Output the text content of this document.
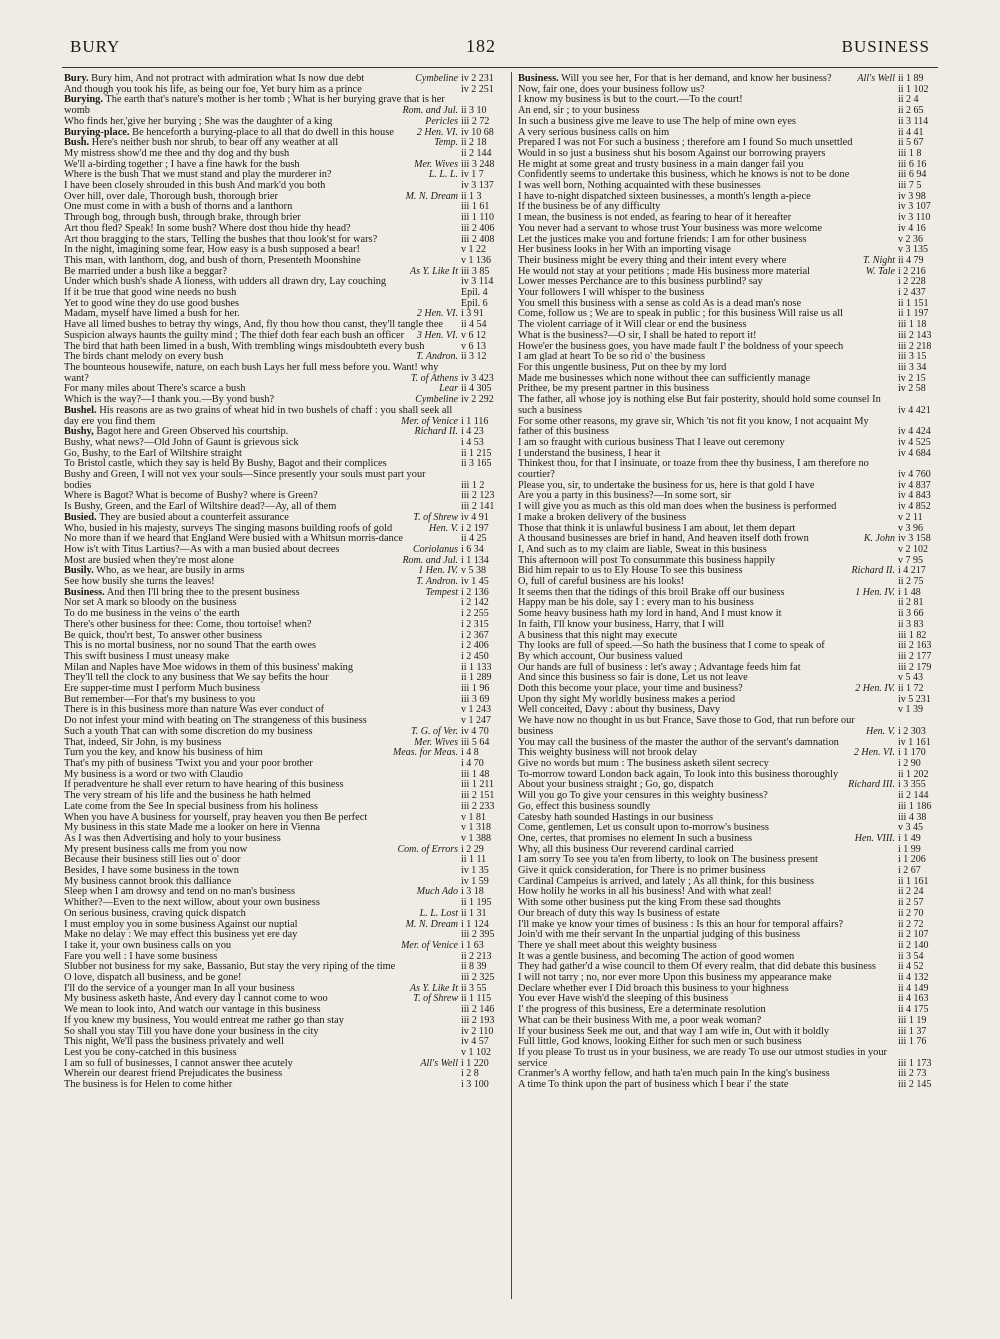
BURY	182	BUSINESS
Bury. Bury him, And not protract with admiration what Is now due debt	Cymbeline iv 2 231
And though you took his life, as being our foe, Yet bury him as a prince	iv 2 251
Burying. The earth that's nature's mother is her tomb ; What is her burying grave that is her womb	Rom. and Jul. ii 3 10
Who finds her,'give her burying ; She was the daughter of a king	Pericles iii 2 72
Burying-place. Be henceforth a burying-place to all that do dwell in this house	2 Hen. VI. iv 10 68
Bush. Here's neither bush nor shrub, to bear off any weather at all	Temp. ii 2 18
My mistress show'd me thee and thy dog and thy bush	ii 2 144
We'll a-birding together ; I have a fine hawk for the bush	Mer. Wives iii 3 248
Where is the bush That we must stand and play the murderer in?	L. L. L. iv 1 7
I have been closely shrouded in this bush And mark'd you both	iv 3 137
Over hill, over dale, Thorough bush, thorough brier	M. N. Dream ii 1 3
One must come in with a bush of thorns and a lanthorn	iii 1 61
Through bog, through bush, through brake, through brier	iii 1 110
Art thou fled? Speak! In some bush? Where dost thou hide thy head?	iii 2 406
Art thou bragging to the stars, Telling the bushes that thou look'st for wars?	iii 2 408
In the night, imagining some fear, How easy is a bush supposed a bear!	v 1 22
This man, with lanthorn, dog, and bush of thorn, Presenteth Moonshine	v 1 136
Be married under a bush like a beggar?	As Y. Like It iii 3 85
Under which bush's shade A lioness, with udders all drawn dry, Lay couching	iv 3 114
If it be true that good wine needs no bush	Epil. 4
Yet to good wine they do use good bushes	Epil. 6
Madam, myself have limed a bush for her.	2 Hen. VI. i 3 91
Have all limed bushes to betray thy wings, And, fly thou how thou canst, they'll tangle thee	ii 4 54
Suspicion always haunts the guilty mind ; The thief doth fear each bush an officer	3 Hen. VI. v 6 12
The bird that hath been limed in a bush, With trembling wings misdoubteth every bush	v 6 13
The birds chant melody on every bush	T. Andron. ii 3 12
The bounteous housewife, nature, on each bush Lays her full mess before you. Want! why want?	T. of Athens iv 3 423
For many miles about There's scarce a bush	Lear ii 4 305
Which is the way?—I thank you.—By yond bush?	Cymbeline iv 2 292
Bushel. His reasons are as two grains of wheat hid in two bushels of chaff : you shall seek all day ere you find them	Mer. of Venice i 1 116
Bushy, Bagot here and Green Observed his courtship.	Richard II. i 4 23
Bushy, what news?—Old John of Gaunt is grievous sick	i 4 53
Go, Bushy, to the Earl of Wiltshire straight	ii 1 215
To Bristol castle, which they say is held By Bushy, Bagot and their complices	ii 3 165
Bushy and Green, I will not vex your souls—Since presently your souls must part your bodies	iii 1 2
Where is Bagot? What is become of Bushy? where is Green?	iii 2 123
Is Bushy, Green, and the Earl of Wiltshire dead?—Ay, all of them	iii 2 141
Busied. They are busied about a counterfeit assurance	T. of Shrew iv 4 91
Who, busied in his majesty, surveys The singing masons building roofs of gold	Hen. V. i 2 197
No more than if we heard that England Were busied with a Whitsun morris-dance	ii 4 25
How is't with Titus Lartius?—As with a man busied about decrees	Coriolanus i 6 34
Most are busied when they're most alone	Rom. and Jul. i 1 134
Busily. Who, as we hear, are busily in arms	1 Hen. IV. v 5 38
See how busily she turns the leaves!	T. Andron. iv 1 45
Business. And then I'll bring thee to the present business	Tempest i 2 136
Nor set A mark so bloody on the business	i 2 142
To do me business in the veins o' the earth	i 2 255
There's other business for thee: Come, thou tortoise! when?	i 2 315
Be quick, thou'rt best, To answer other business	i 2 367
This is no mortal business, nor no sound That the earth owes	i 2 406
This swift business I must uneasy make	i 2 450
Milan and Naples have Moe widows in them of this business' making	ii 1 133
They'll tell the clock to any business that We say befits the hour	ii 1 289
Ere supper-time must I perform Much business	iii 1 96
But remember—For that's my business to you	iii 3 69
There is in this business more than nature Was ever conduct of	v 1 243
Do not infest your mind with beating on The strangeness of this business	v 1 247
Such a youth That can with some discretion do my business	T. G. of Ver. iv 4 70
That, indeed, Sir John, is my business	Mer. Wives iii 5 64
Turn you the key, and know his business of him	Meas. for Meas. i 4 8
That's my pith of business 'Twixt you and your poor brother	i 4 70
My business is a word or two with Claudio	iii 1 48
If peradventure he shall ever return to have hearing of this business	iii 1 211
The very stream of his life and the business he hath helmed	iii 2 151
Late come from the See In special business from his holiness	iii 2 233
When you have A business for yourself, pray heaven you then Be perfect	v 1 81
My business in this state Made me a looker on here in Vienna	v 1 318
As I was then Advertising and holy to your business	v 1 388
My present business calls me from you now	Com. of Errors i 2 29
Because their business still lies out o' door	ii 1 11
Besides, I have some business in the town	iv 1 35
My business cannot brook this dalliance	iv 1 59
Sleep when I am drowsy and tend on no man's business	Much Ado i 3 18
Whither?—Even to the next willow, about your own business	ii 1 195
On serious business, craving quick dispatch	L. L. Lost ii 1 31
I must employ you in some business Against our nuptial	M. N. Dream i 1 124
Make no delay : We may effect this business yet ere day	iii 2 395
I take it, your own business calls on you	Mer. of Venice i 1 63
Fare you well : I have some business	ii 2 213
Slubber not business for my sake, Bassanio, But stay the very riping of the time	ii 8 39
O love, dispatch all business, and be gone!	iii 2 325
I'll do the service of a younger man In all your business	As Y. Like It ii 3 55
My business asketh haste, And every day I cannot come to woo	T. of Shrew ii 1 115
We mean to look into, And watch our vantage in this business	iii 2 146
If you knew my business, You would entreat me rather go than stay	iii 2 193
So shall you stay Till you have done your business in the city	iv 2 110
This night, We'll pass the business privately and well	iv 4 57
Lest you be cony-catched in this business	v 1 102
I am so full of businesses, I cannot answer thee acutely	All's Well i 1 220
Wherein our dearest friend Prejudicates the business	i 2 8
The business is for Helen to come hither	i 3 100
Business. Will you see her, For that is her demand, and know her business?	All's Well ii 1 89
Now, fair one, does your business follow us?	ii 1 102
I know my business is but to the court.—To the court!	ii 2 4
An end, sir ; to your business	ii 2 65
In such a business give me leave to use The help of mine own eyes	ii 3 114
A very serious business calls on him	ii 4 41
Prepared I was not For such a business ; therefore am I found So much unsettled	ii 5 67
Would in so just a business shut his bosom Against our borrowing prayers	iii 1 8
He might at some great and trusty business in a main danger fail you	iii 6 16
Confidently seems to undertake this business, which he knows is not to be done	iii 6 94
I was well born, Nothing acquainted with these businesses	iii 7 5
I have to-night dispatched sixteen businesses, a month's length a-piece	iv 3 98
If the business be of any difficulty	iv 3 107
I mean, the business is not ended, as fearing to hear of it hereafter	iv 3 110
You never had a servant to whose trust Your business was more welcome	iv 4 16
Let the justices make you and fortune friends: I am for other business	v 2 36
Her business looks in her With an importing visage	v 3 135
Their business might be every thing and their intent every where	T. Night ii 4 79
He would not stay at your petitions ; made His business more material	W. Tale i 2 216
Lower messes Perchance are to this business purblind? say	i 2 228
Your followers I will whisper to the business	i 2 437
You smell this business with a sense as cold As is a dead man's nose	ii 1 151
Come, follow us ; We are to speak in public ; for this business Will raise us all	ii 1 197
The violent carriage of it Will clear or end the business	iii 1 18
What is the business?—O sir, I shall be hated to report it!	iii 2 143
Howe'er the business goes, you have made fault I' the boldness of your speech	iii 2 218
I am glad at heart To be so rid o' the business	iii 3 15
For this ungentle business, Put on thee by my lord	iii 3 34
Made me businesses which none without thee can sufficiently manage	iv 2 15
Prithee, be my present partner in this business	iv 2 58
The father, all whose joy is nothing else But fair posterity, should hold some counsel In such a business	iv 4 421
For some other reasons, my grave sir, Which 'tis not fit you know, I not acquaint My father of this business	iv 4 424
I am so fraught with curious business That I leave out ceremony	iv 4 525
I understand the business, I hear it	iv 4 684
Thinkest thou, for that I insinuate, or toaze from thee thy business, I am therefore no courtier?	iv 4 760
Please you, sir, to undertake the business for us, here is that gold I have	iv 4 837
Are you a party in this business?—In some sort, sir	iv 4 843
I will give you as much as this old man does when the business is performed	iv 4 852
I make a broken delivery of the business	v 2 11
Those that think it is unlawful business I am about, let them depart	v 3 96
A thousand businesses are brief in hand, And heaven itself doth frown	K. John iv 3 158
I, And such as to my claim are liable, Sweat in this business	v 2 102
This afternoon will post To consummate this business happily	v 7 95
Bid him repair to us to Ely House To see this business	Richard II. i 4 217
O, full of careful business are his looks!	ii 2 75
It seems then that the tidings of this broil Brake off our business	1 Hen. IV. i 1 48
Happy man be his dole, say I : every man to his business	ii 2 81
Some heavy business hath my lord in hand, And I must know it	ii 3 66
In faith, I'll know your business, Harry, that I will	ii 3 83
A business that this night may execute	iii 1 82
Thy looks are full of speed.—So hath the business that I come to speak of	iii 2 163
By which account, Our business valued	iii 2 177
Our hands are full of business : let's away ; Advantage feeds him fat	iii 2 179
And since this business so fair is done, Let us not leave	v 5 43
Doth this become your place, your time and business?	2 Hen. IV. ii 1 72
Upon thy sight My worldly business makes a period	iv 5 231
Well conceited, Davy : about thy business, Davy	v 1 39
We have now no thought in us but France, Save those to God, that run before our business	Hen. V. i 2 303
You may call the business of the master the author of the servant's damnation	iv 1 161
This weighty business will not brook delay	2 Hen. VI. i 1 170
Give no words but mum : The business asketh silent secrecy	i 2 90
To-morrow toward London back again, To look into this business thoroughly	ii 1 202
About your business straight ; Go, go, dispatch	Richard III. i 3 355
Will you go To give your censures in this weighty business?	ii 2 144
Go, effect this business soundly	iii 1 186
Catesby hath sounded Hastings in our business	iii 4 38
Come, gentlemen, Let us consult upon to-morrow's business	v 3 45
One, certes, that promises no element In such a business	Hen. VIII. i 1 49
Why, all this business Our reverend cardinal carried	i 1 99
I am sorry To see you ta'en from liberty, to look on The business present	i 1 206
Give it quick consideration, for There is no primer business	i 2 67
Cardinal Campeius is arrived, and lately ; As all think, for this business	ii 1 161
How holily he works in all his business! And with what zeal!	ii 2 24
With some other business put the king From these sad thoughts	ii 2 57
Our breach of duty this way Is business of estate	ii 2 70
I'll make ye know your times of business : Is this an hour for temporal affairs?	ii 2 72
Join'd with me their servant In the unpartial judging of this business	ii 2 107
There ye shall meet about this weighty business	ii 2 140
It was a gentle business, and becoming The action of good women	ii 3 54
They had gather'd a wise council to them Of every realm, that did debate this business	ii 4 52
I will not tarry ; no, nor ever more Upon this business my appearance make	ii 4 132
Declare whether ever I Did broach this business to your highness	ii 4 149
You ever Have wish'd the sleeping of this business	ii 4 163
I' the progress of this business, Ere a determinate resolution	ii 4 175
What can be their business With me, a poor weak woman?	iii 1 19
If your business Seek me out, and that way I am wife in, Out with it boldly	iii 1 37
Full little, God knows, looking Either for such men or such business	iii 1 76
If you please To trust us in your business, we are ready To use our utmost studies in your service	iii 1 173
Cranmer's A worthy fellow, and hath ta'en much pain In the king's business	iii 2 73
A time To think upon the part of business which I bear i' the state	iii 2 145
